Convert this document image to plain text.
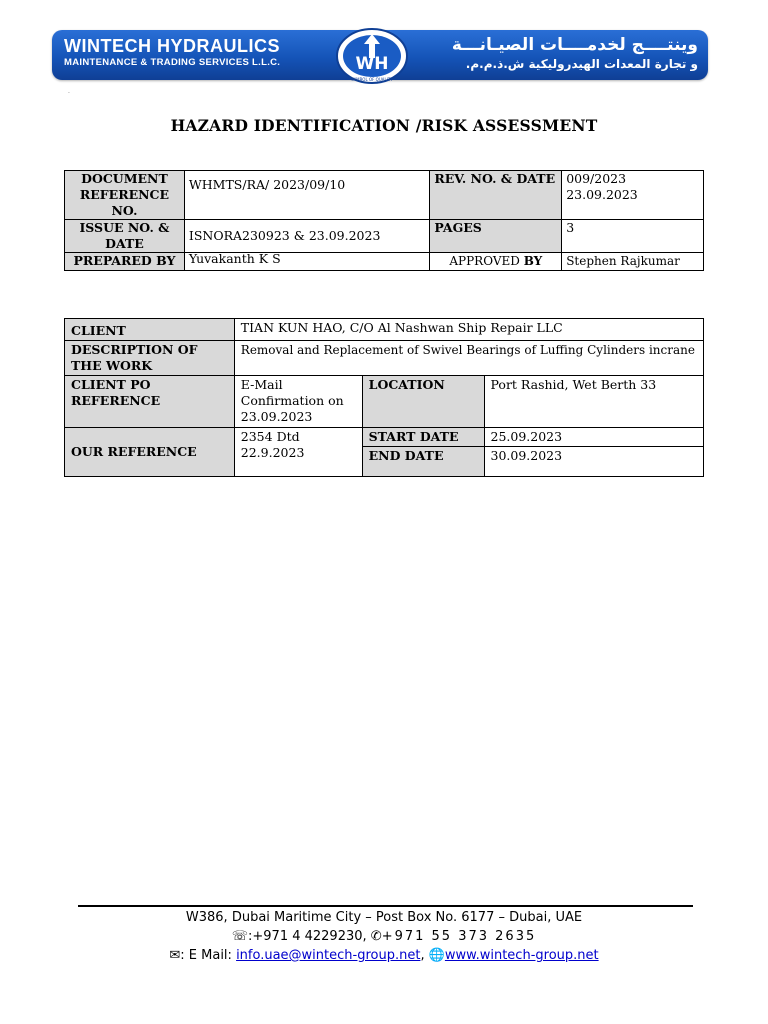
WINTECH HYDRAULICS
MAINTENANCE & TRADING SERVICES L.L.C.	WH
SYMBOL OF QUALITY
وينتــــج لخدمــــات الصيـانـــة
و تجارة المعدات الهيدروليكية ش.ذ.م.م.
.
HAZARD IDENTIFICATION /RISK ASSESSMENT
DOCUMENT REFERENCE NO.	WHMTS/RA/ 2023/09/10	REV. NO. & DATE	009/2023
23.09.2023

ISSUE NO. & DATE	ISNORA230923 & 23.09.2023	PAGES	3
PREPARED BY	Yuvakanth K S	APPROVED BY	Stephen Rajkumar
CLIENT	TIAN KUN HAO, C/O Al Nashwan Ship Repair LLC		
DESCRIPTION OF THE WORK	Removal and Replacement of Swivel Bearings of Luffing Cylinders incrane		
CLIENT PO REFERENCE	E-Mail Confirmation on 23.09.2023	LOCATION	Port Rashid, Wet Berth 33
OUR REFERENCE	2354 Dtd 22.9.2023	START DATE	25.09.2023
		END DATE	30.09.2023
W386, Dubai Maritime City – Post Box No. 6177 – Dubai, UAE
☏:+971 4 4229230, ✆+971 55 373 2635
✉: E Mail: info.uae@wintech-group.net, 🌐www.wintech-group.net
